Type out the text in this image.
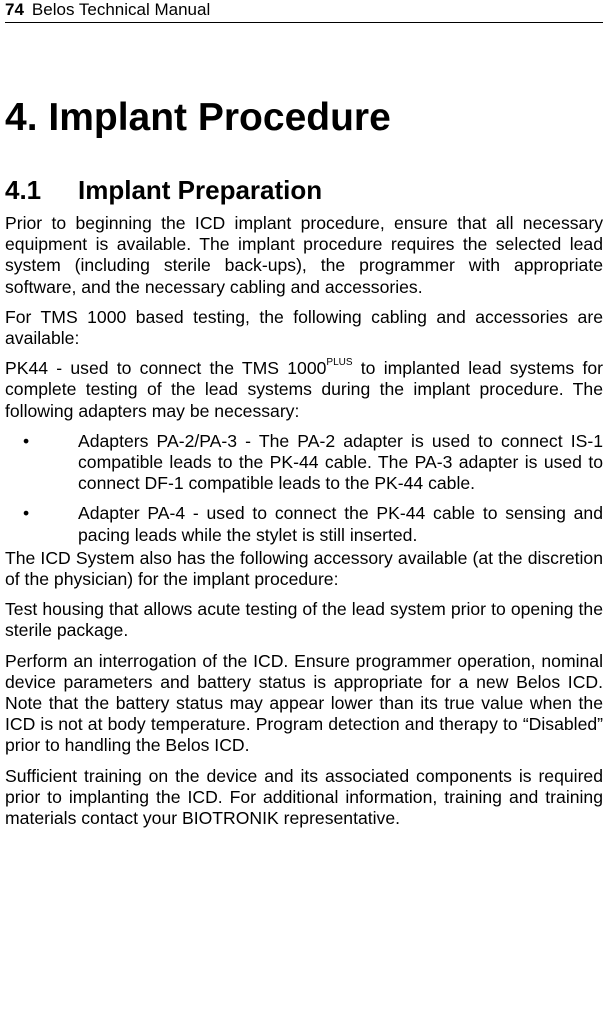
74 Belos Technical Manual
4. Implant Procedure
4.1 Implant Preparation

Prior to beginning the ICD implant procedure, ensure that all necessary equipment is available. The implant procedure requires the selected lead system (including sterile back-ups), the programmer with appropriate software, and the necessary cabling and accessories.

For TMS 1000 based testing, the following cabling and accessories are available:

PK44 - used to connect the TMS $1000^{PLUS}$ to implanted lead systems for complete testing of the lead systems during the implant procedure. The following adapters may be necessary:

•	Adapters PA-2/PA-3 - The PA-2 adapter is used to connect IS-1 compatible leads to the PK-44 cable. The PA-3 adapter is used to connect DF-1 compatible leads to the PK-44 cable.
•	Adapter PA-4 - used to connect the PK-44 cable to sensing and pacing leads while the stylet is still inserted.

The ICD System also has the following accessory available (at the discretion of the physician) for the implant procedure:

Test housing that allows acute testing of the lead system prior to opening the sterile package.

Perform an interrogation of the ICD. Ensure programmer operation, nominal device parameters and battery status is appropriate for a new Belos ICD. Note that the battery status may appear lower than its true value when the ICD is not at body temperature. Program detection and therapy to “Disabled” prior to handling the Belos ICD.

Sufficient training on the device and its associated components is required prior to implanting the ICD. For additional information, training and training materials contact your BIOTRONIK representative.
